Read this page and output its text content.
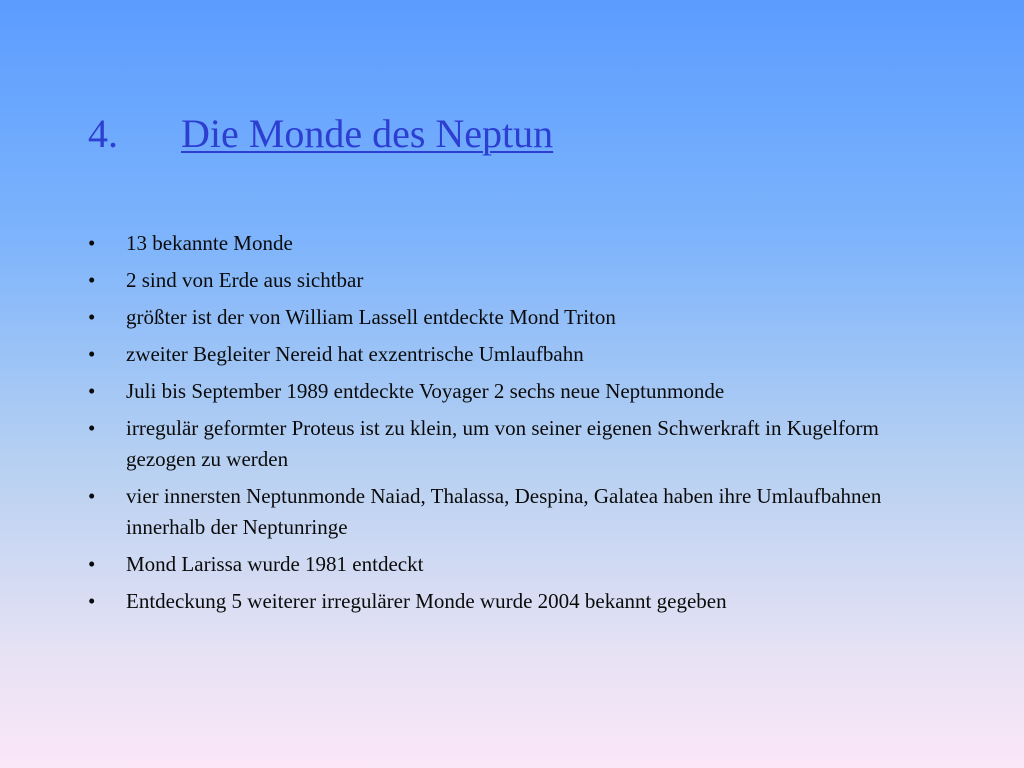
4. Die Monde des Neptun
• 13 bekannte Monde
• 2 sind von Erde aus sichtbar
• größter ist der von William Lassell entdeckte Mond Triton
• zweiter Begleiter Nereid hat exzentrische Umlaufbahn
• Juli bis September 1989 entdeckte Voyager 2 sechs neue Neptunmonde
• irregulär geformter Proteus ist zu klein, um von seiner eigenen Schwerkraft in Kugelform gezogen zu werden
• vier innersten Neptunmonde Naiad, Thalassa, Despina, Galatea haben ihre Umlaufbahnen innerhalb der Neptunringe
• Mond Larissa wurde 1981 entdeckt
• Entdeckung 5 weiterer irregulärer Monde wurde 2004 bekannt gegeben
